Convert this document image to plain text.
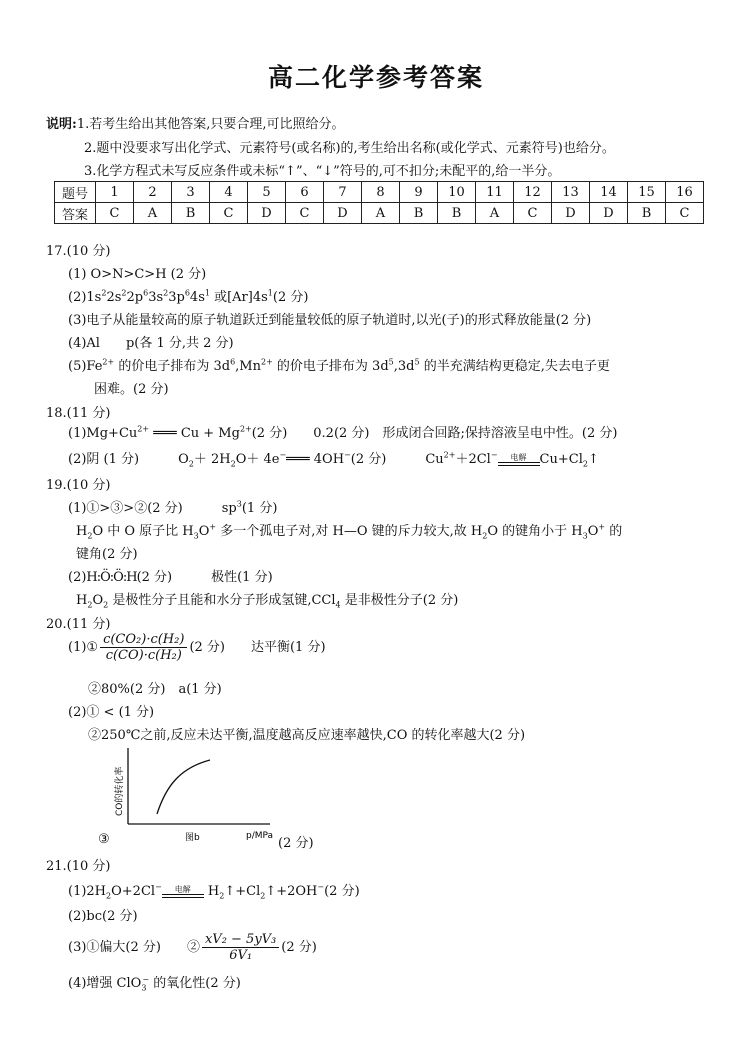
高二化学参考答案
说明:1.若考生给出其他答案,只要合理,可比照给分。
2.题中没要求写出化学式、元素符号(或名称)的,考生给出名称(或化学式、元素符号)也给分。
3.化学方程式未写反应条件或未标“↑”、“↓”符号的,可不扣分;未配平的,给一半分。
题号	1	2	3	4	5	6	7	8	9	10	11	12	13	14	15	16
答案	C	A	B	C	D	C	D	A	B	B	A	C	D	D	B	C
17.(10 分)
(1) O>N>C>H (2 分)
$(2)1s^22s^22p^63s^23p^64s^1$ 或$[Ar]4s^1(2$ 分)
(3)电子从能量较高的原子轨道跃迁到能量较低的原子轨道时,以光(子)的形式释放能量(2 分)
(4)Al　　p(各 1 分,共 2 分)
$(5)Fe^{2+}$ 的价电子排布为 $3d^6,Mn^{2+}$ 的价电子排布为 $3d^5,3d^5$ 的半充满结构更稳定,失去电子更
困难。(2 分)
18.(11 分)
$(1)Mg+Cu^{2+}$ ═══ $Cu + Mg^{2+}(2$ 分)　　0.2(2 分)　形成闭合回路;保持溶液呈电中性。(2 分)
(2)阴 (1 分)　　　$O_2+ 2H_2O+$ 4e−═══ 4OH−(2 分)　　　$Cu^{2+}+2Cl^-$	电解	$Cu+Cl_2↑$
19.(10 分)
(1)①>③>②(2 分)　　　$sp^3(1$ 分)
$H_2O$ 中 O 原子比 $H_3O^+$ 多一个孤电子对,对 H—O 键的斥力较大,故 $H_2O$ 的键角小于 $H_3O^+$ 的
键角(2 分)
(2)H:Ö:Ö:H(2 分)　　　极性(1 分)
$H_2O_2$ 是极性分子且能和水分子形成氢键,CCl$_4$ 是非极性分子(2 分)
20.(11 分)
(1)① $\frac{\text{c(CO₂)·c(H₂)}}{\text{c(CO)·c(H₂)}} (2$ 分)　　达平衡(1 分)
②80%(2 分)　a(1 分)
(2)① < (1 分)
②250℃之前,反应未达平衡,温度越高反应速率越快,CO 的转化率越大(2 分)
③
CO的转化率
图b	p/MPa (2 分)
21.(10 分)
$(1)2H_2O+2Cl^-$	电解	$H_2↑+Cl_2↑+2OH^-(2$ 分)
(2)bc(2 分)
(3)①偏大(2 分)　　② $\frac{\text{xV₂ − 5yV₃}}{\text{6V₁}} (2$ 分)
(4)增强 ClO$_3$− 的氧化性(2 分)
